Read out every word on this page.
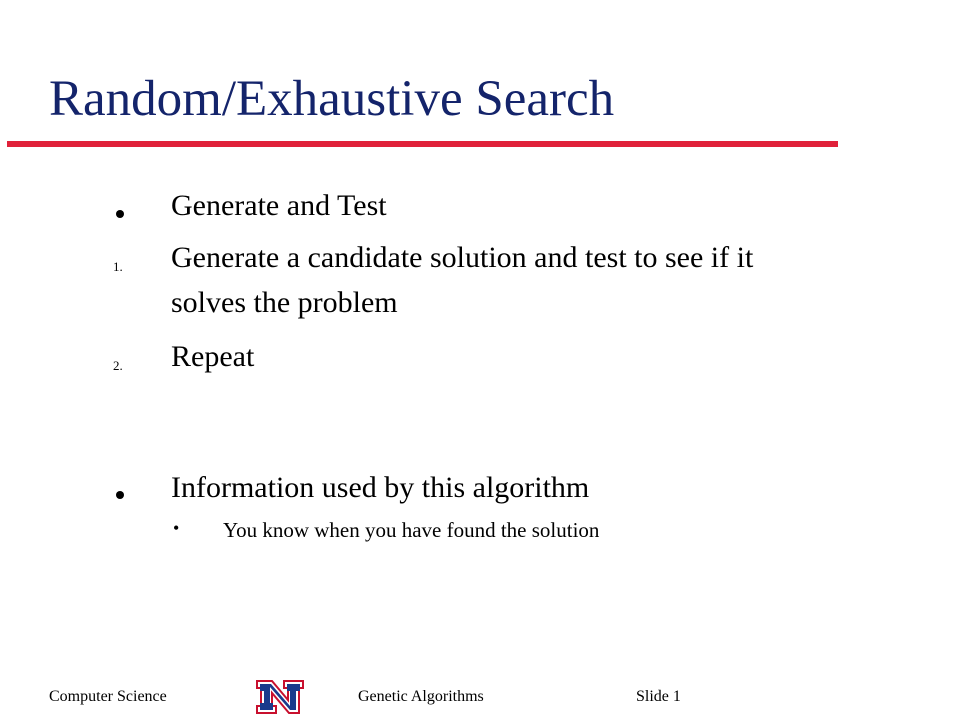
Random/Exhaustive Search
Generate and Test
1. Generate a candidate solution and test to see if it
solves the problem
2. Repeat
Information used by this algorithm
• You know when you have found the solution
Computer Science	Genetic Algorithms	Slide 1
